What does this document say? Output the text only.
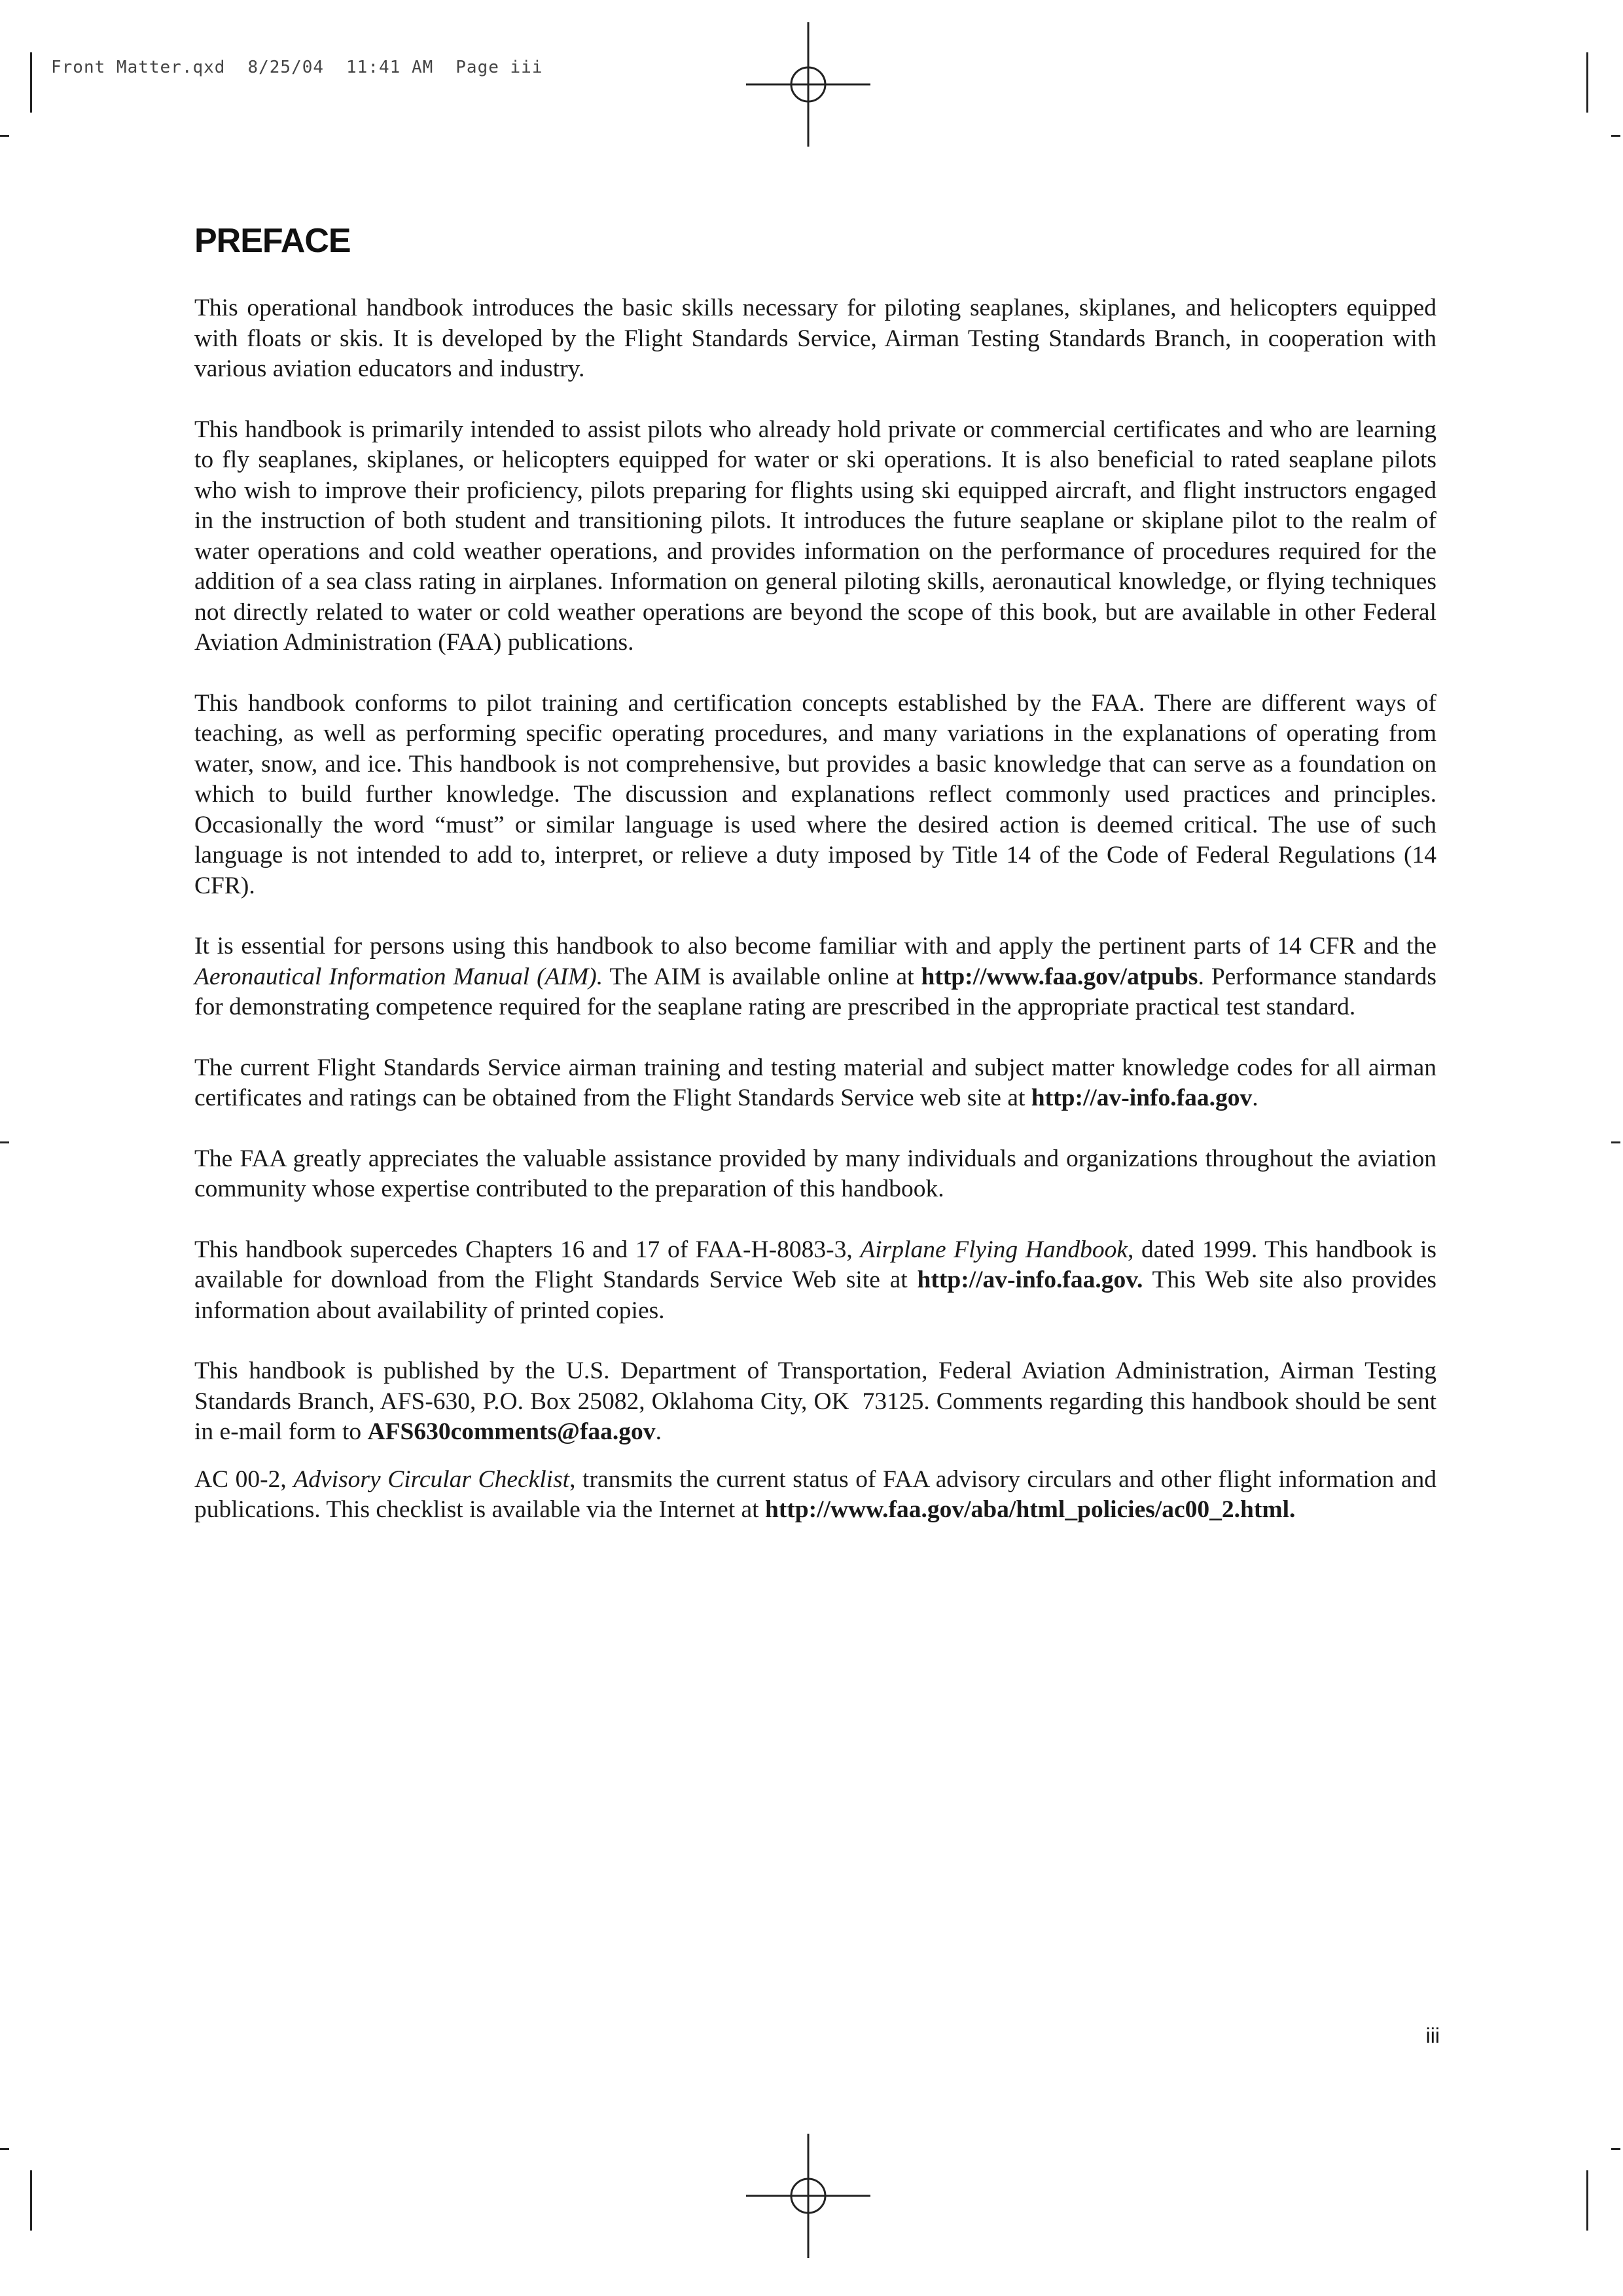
Front Matter.qxd 8/25/04 11:41 AM Page iii
PREFACE

This operational handbook introduces the basic skills necessary for piloting seaplanes, skiplanes, and helicopters equipped with floats or skis. It is developed by the Flight Standards Service, Airman Testing Standards Branch, in cooperation with various aviation educators and industry.

This handbook is primarily intended to assist pilots who already hold private or commercial certificates and who are learning to fly seaplanes, skiplanes, or helicopters equipped for water or ski operations. It is also beneficial to rated seaplane pilots who wish to improve their proficiency, pilots preparing for flights using ski equipped aircraft, and flight instructors engaged in the instruction of both student and transitioning pilots. It introduces the future seaplane or skiplane pilot to the realm of water operations and cold weather operations, and provides information on the performance of procedures required for the addition of a sea class rating in airplanes. Information on general piloting skills, aeronautical knowledge, or flying techniques not directly related to water or cold weather operations are beyond the scope of this book, but are available in other Federal Aviation Administration (FAA) publications.

This handbook conforms to pilot training and certification concepts established by the FAA. There are different ways of teaching, as well as performing specific operating procedures, and many variations in the explanations of operating from water, snow, and ice. This handbook is not comprehensive, but provides a basic knowledge that can serve as a foundation on which to build further knowledge. The discussion and explanations reflect commonly used practices and principles. Occasionally the word “must” or similar language is used where the desired action is deemed critical. The use of such language is not intended to add to, interpret, or relieve a duty imposed by Title 14 of the Code of Federal Regulations (14 CFR).

It is essential for persons using this handbook to also become familiar with and apply the pertinent parts of 14 CFR and the Aeronautical Information Manual (AIM). The AIM is available online at http://www.faa.gov/atpubs. Performance standards for demonstrating competence required for the seaplane rating are prescribed in the appropriate practical test standard.

The current Flight Standards Service airman training and testing material and subject matter knowledge codes for all airman certificates and ratings can be obtained from the Flight Standards Service web site at http://av-info.faa.gov.

The FAA greatly appreciates the valuable assistance provided by many individuals and organizations throughout the aviation community whose expertise contributed to the preparation of this handbook.

This handbook supercedes Chapters 16 and 17 of FAA-H-8083-3, Airplane Flying Handbook, dated 1999. This handbook is available for download from the Flight Standards Service Web site at http://av-info.faa.gov. This Web site also provides information about availability of printed copies.

This handbook is published by the U.S. Department of Transportation, Federal Aviation Administration, Airman Testing Standards Branch, AFS-630, P.O. Box 25082, Oklahoma City, OK  73125. Comments regarding this handbook should be sent in e-mail form to AFS630comments@faa.gov.

AC 00-2, Advisory Circular Checklist, transmits the current status of FAA advisory circulars and other flight information and publications. This checklist is available via the Internet at http://www.faa.gov/aba/html_policies/ac00_2.html.

iii
